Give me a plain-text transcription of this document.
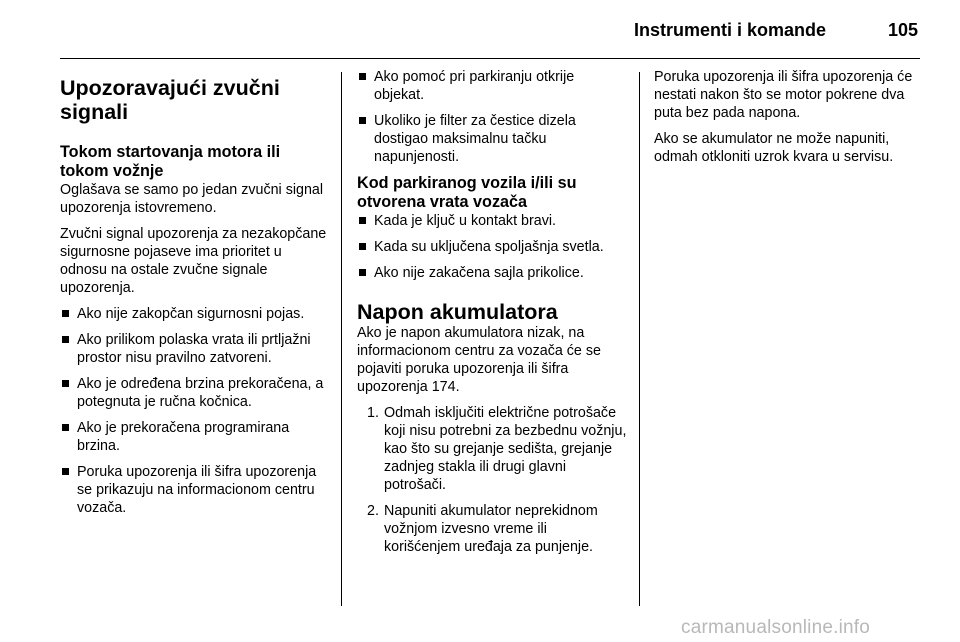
Instrumenti i komande	105
Upozoravajući zvučni signali
Tokom startovanja motora ili tokom vožnje

Oglašava se samo po jedan zvučni signal upozorenja istovremeno.

Zvučni signal upozorenja za nezakopčane sigurnosne pojaseve ima prioritet u odnosu na ostale zvučne signale upozorenja.

Ako nije zakopčan sigurnosni pojas.
Ako prilikom polaska vrata ili prtljažni prostor nisu pravilno zatvoreni.
Ako je određena brzina prekoračena, a potegnuta je ručna kočnica.
Ako je prekoračena programirana brzina.
Poruka upozorenja ili šifra upozorenja se prikazuju na informacionom centru vozača.
Ako pomoć pri parkiranju otkrije objekat.
Ukoliko je filter za čestice dizela dostigao maksimalnu tačku napunjenosti.
Kod parkiranog vozila i/ili su otvorena vrata vozača
Kada je ključ u kontakt bravi.
Kada su uključena spoljašnja svetla.
Ako nije zakačena sajla prikolice.
Napon akumulatora

Ako je napon akumulatora nizak, na informacionom centru za vozača će se pojaviti poruka upozorenja ili šifra upozorenja 174.

1. Odmah isključiti električne potrošače koji nisu potrebni za bezbednu vožnju, kao što su grejanje sedišta, grejanje zadnjeg stakla ili drugi glavni potrošači.
2. Napuniti akumulator neprekidnom vožnjom izvesno vreme ili korišćenjem uređaja za punjenje.

Poruka upozorenja ili šifra upozorenja će nestati nakon što se motor pokrene dva puta bez pada napona.

Ako se akumulator ne može napuniti, odmah otkloniti uzrok kvara u servisu.

carmanualsonline.info
